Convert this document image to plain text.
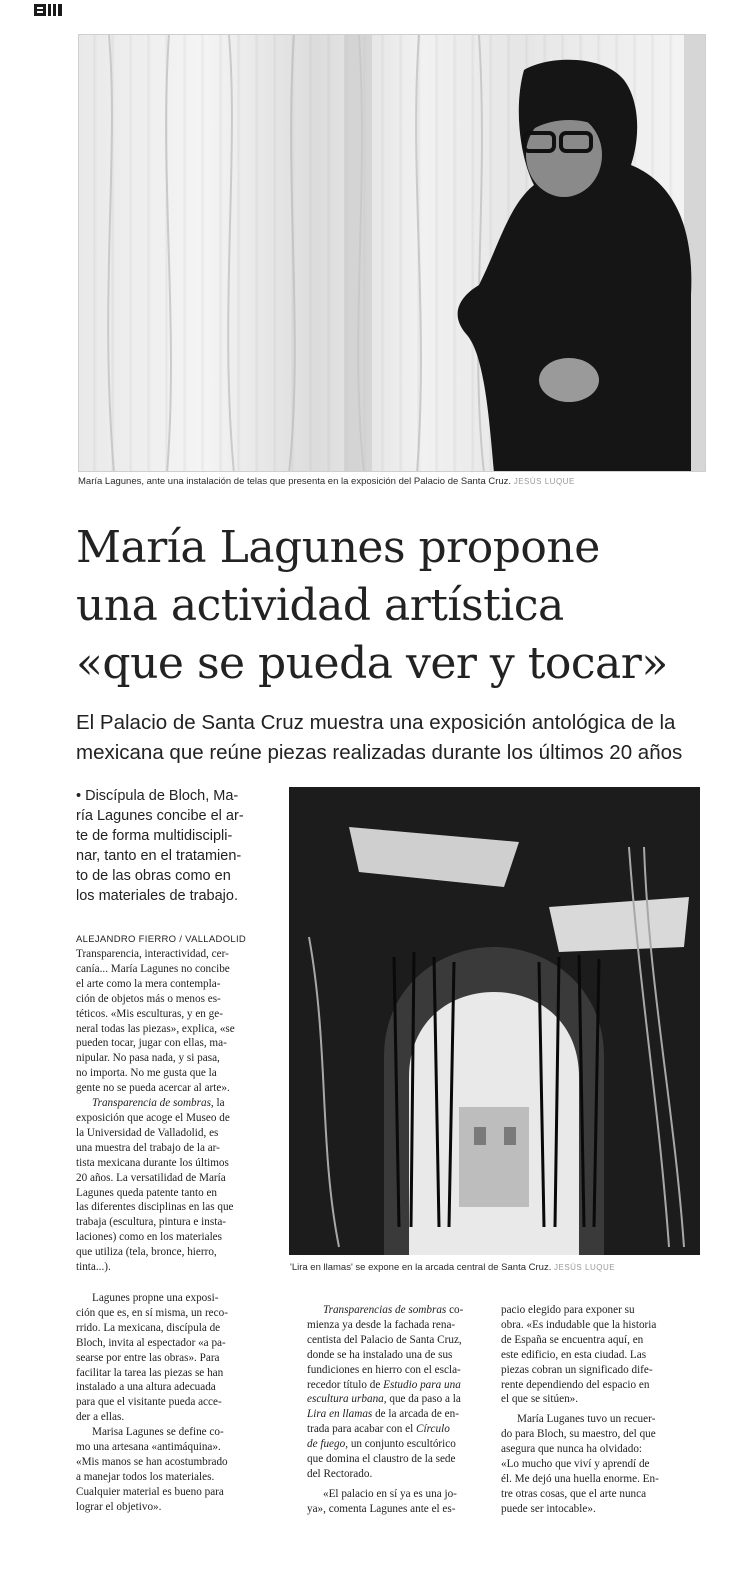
María Lagunes, ante una instalación de telas que presenta en la exposición del Palacio de Santa Cruz. JESÚS LUQUE
María Lagunes propone
una actividad artística
«que se pueda ver y tocar»
El Palacio de Santa Cruz muestra una exposición antológica de la
mexicana que reúne piezas realizadas durante los últimos 20 años
• Discípula de Bloch, Ma-
ría Lagunes concibe el ar-
te de forma multidiscipli-
nar, tanto en el tratamien-
to de las obras como en
los materiales de trabajo.
ALEJANDRO FIERRO / VALLADOLID
Transparencia, interactividad, cer-
canía... María Lagunes no concibe
el arte como la mera contempla-
ción de objetos más o menos es-
téticos. «Mis esculturas, y en ge-
neral todas las piezas», explica, «se
pueden tocar, jugar con ellas, ma-
nipular. No pasa nada, y si pasa,
no importa. No me gusta que la
gente no se pueda acercar al arte».
Transparencia de sombras, la
exposición que acoge el Museo de
la Universidad de Valladolid, es
una muestra del trabajo de la ar-
tista mexicana durante los últimos
20 años. La versatilidad de María
Lagunes queda patente tanto en
las diferentes disciplinas en las que
trabaja (escultura, pintura e insta-
laciones) como en los materiales
que utiliza (tela, bronce, hierro,
tinta...).	'Lira en llamas' se expone en la arcada central de Santa Cruz. JESÚS LUQUE
Lagunes propne una exposi-
ción que es, en sí misma, un reco-
rrido. La mexicana, discípula de
Bloch, invita al espectador «a pa-
searse por entre las obras». Para
facilitar la tarea las piezas se han
instalado a una altura adecuada
para que el visitante pueda acce-
der a ellas.
Marisa Lagunes se define co-
mo una artesana «antimáquina».
«Mis manos se han acostumbrado
a manejar todos los materiales.
Cualquier material es bueno para
lograr el objetivo».
Transparencias de sombras co-
mienza ya desde la fachada rena-
centista del Palacio de Santa Cruz,
donde se ha instalado una de sus
fundiciones en hierro con el escla-
recedor título de Estudio para una
escultura urbana, que da paso a la
Lira en llamas de la arcada de en-
trada para acabar con el Círculo
de fuego, un conjunto escultórico
que domina el claustro de la sede
del Rectorado.
«El palacio en sí ya es una jo-
ya», comenta Lagunes ante el es-
pacio elegido para exponer su
obra. «Es indudable que la historia
de España se encuentra aquí, en
este edificio, en esta ciudad. Las
piezas cobran un significado dife-
rente dependiendo del espacio en
el que se sitúen».
María Luganes tuvo un recuer-
do para Bloch, su maestro, del que
asegura que nunca ha olvidado:
«Lo mucho que viví y aprendí de
él. Me dejó una huella enorme. En-
tre otras cosas, que el arte nunca
puede ser intocable».
